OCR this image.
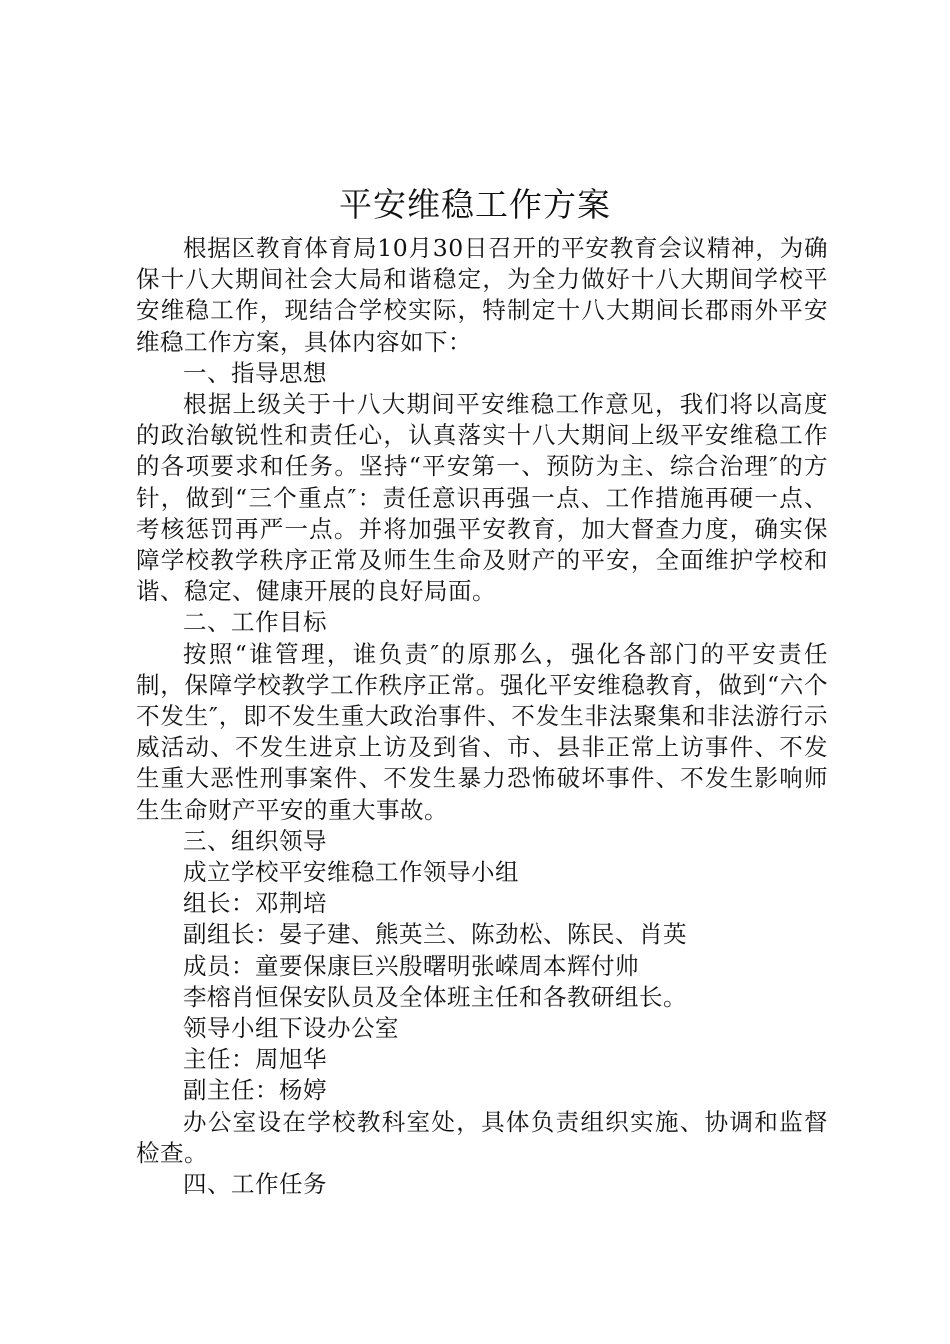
平安维稳工作方案

根据区教育体育局10月30日召开的平安教育会议精神，为确保十八大期间社会大局和谐稳定，为全力做好十八大期间学校平安维稳工作，现结合学校实际，特制定十八大期间长郡雨外平安维稳工作方案，具体内容如下：

一、指导思想

根据上级关于十八大期间平安维稳工作意见，我们将以高度的政治敏锐性和责任心，认真落实十八大期间上级平安维稳工作的各项要求和任务。坚持“平安第一、预防为主、综合治理″的方针，做到“三个重点″：责任意识再强一点、工作措施再硬一点、考核惩罚再严一点。并将加强平安教育，加大督查力度，确实保障学校教学秩序正常及师生生命及财产的平安，全面维护学校和谐、稳定、健康开展的良好局面。

二、工作目标

按照“谁管理，谁负责″的原那么，强化各部门的平安责任制，保障学校教学工作秩序正常。强化平安维稳教育，做到“六个不发生″，即不发生重大政治事件、不发生非法聚集和非法游行示威活动、不发生进京上访及到省、市、县非正常上访事件、不发生重大恶性刑事案件、不发生暴力恐怖破坏事件、不发生影响师生生命财产平安的重大事故。

三、组织领导

成立学校平安维稳工作领导小组

组长：邓荆培

副组长：晏子建、熊英兰、陈劲松、陈民、肖英

成员：童要保康巨兴殷曙明张嵘周本辉付帅

李榕肖恒保安队员及全体班主任和各教研组长。

领导小组下设办公室

主任：周旭华

副主任：杨婷

办公室设在学校教科室处，具体负责组织实施、协调和监督检查。

四、工作任务
